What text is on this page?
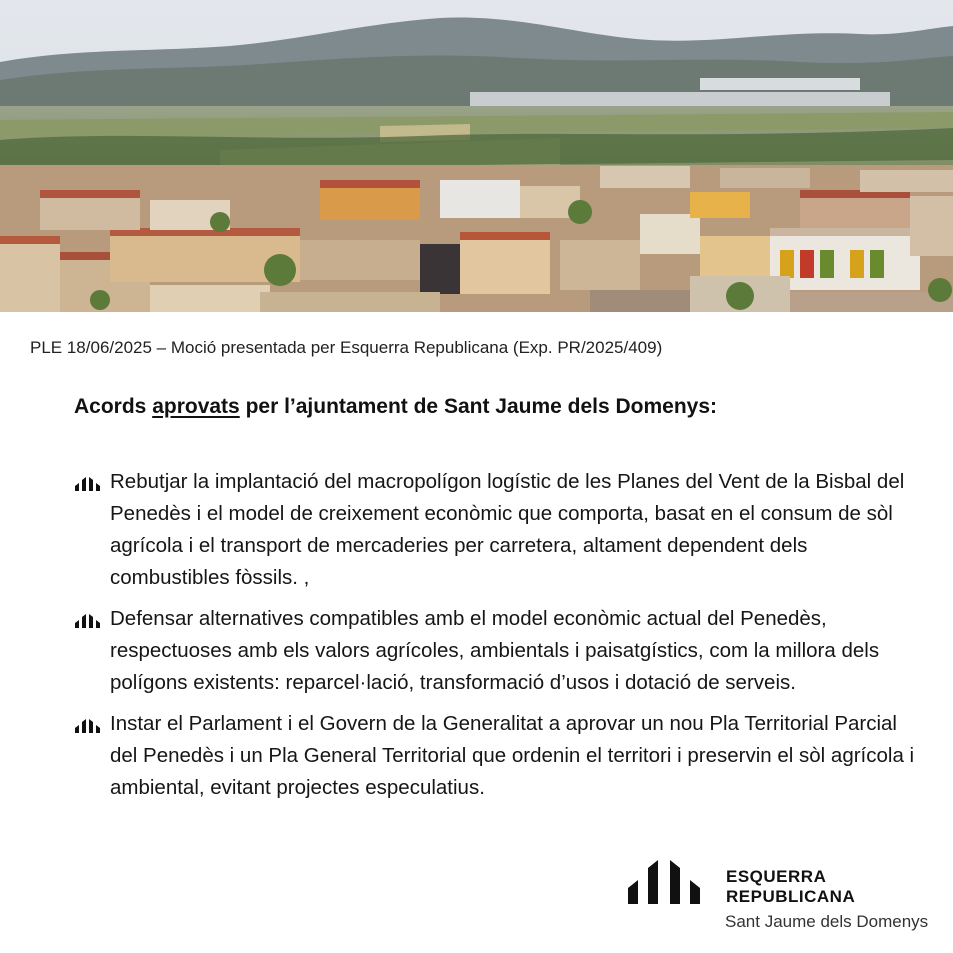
PLE 18/06/2025 – Moció presentada per Esquerra Republicana (Exp. PR/2025/409)
Acords aprovats per l’ajuntament de Sant Jaume dels Domenys:
Rebutjar la implantació del macropolígon logístic de les Planes del Vent de la Bisbal del Penedès i el model de creixement econòmic que comporta, basat en el consum de sòl agrícola i el transport de mercaderies per carretera, altament dependent dels combustibles fòssils. ,
Defensar alternatives compatibles amb el model econòmic actual del Penedès, respectuoses amb els valors agrícoles, ambientals i paisatgístics, com la millora dels polígons existents: reparcel·lació, transformació d’usos i dotació de serveis.
Instar el Parlament i el Govern de la Generalitat a aprovar un nou Pla Territorial Parcial del Penedès i un Pla General Territorial que ordenin el territori i preservin el sòl agrícola i ambiental, evitant projectes especulatius.
ESQUERRA
REPUBLICANA
Sant Jaume dels Domenys
